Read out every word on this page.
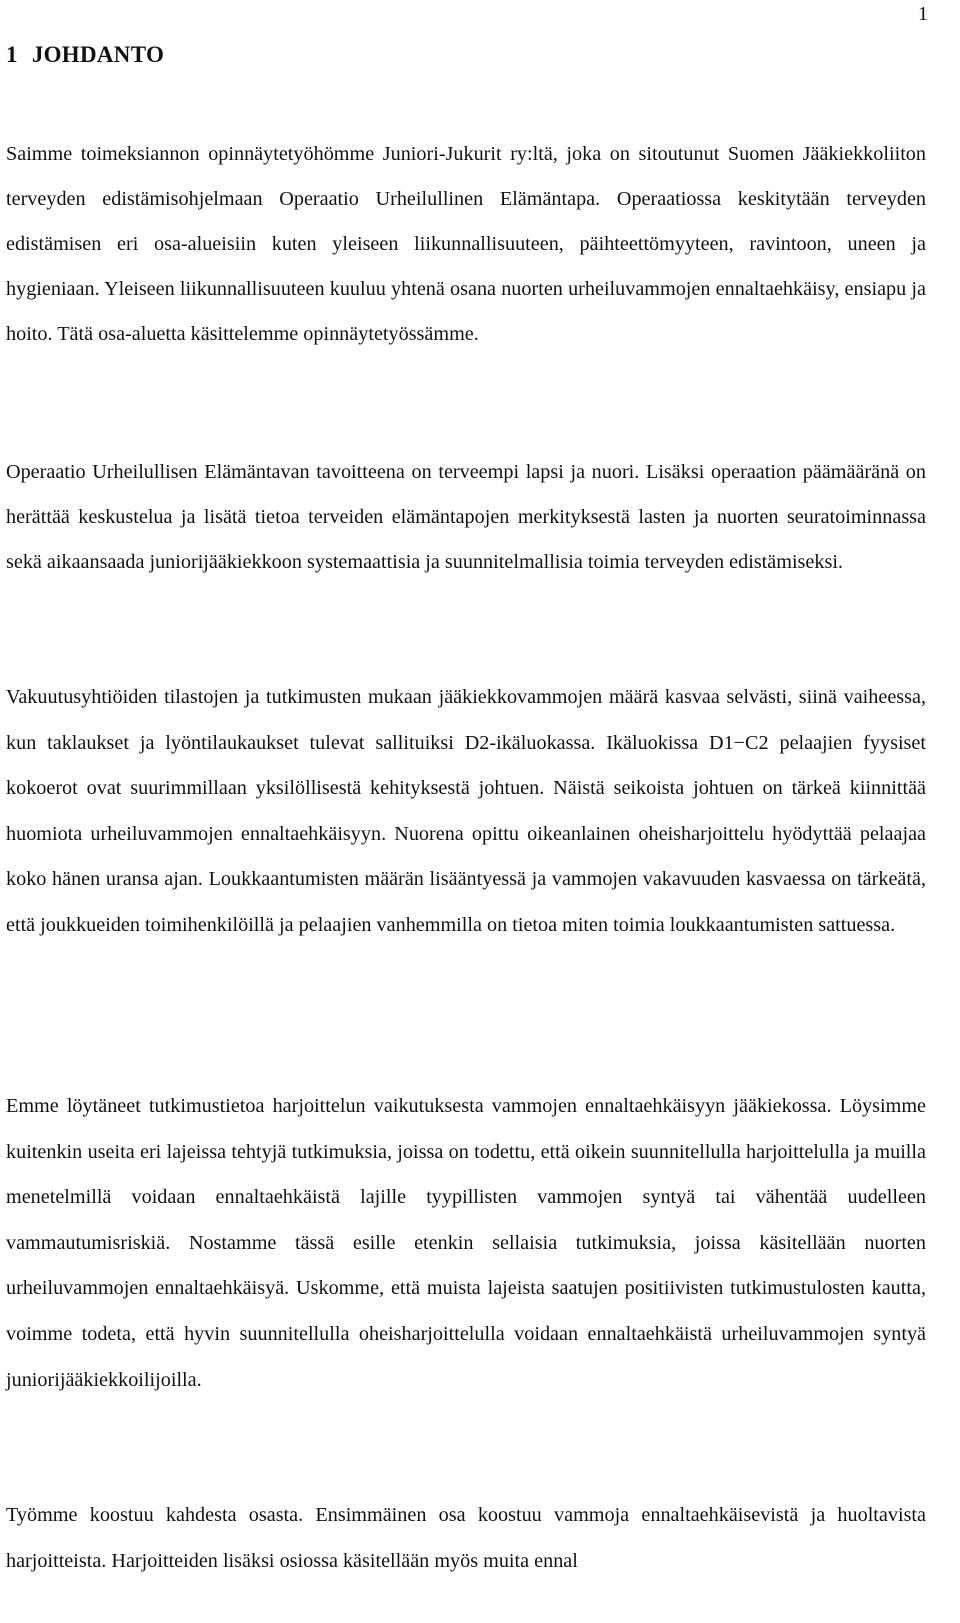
1
1 JOHDANTO

Saimme toimeksiannon opinnäytetyöhömme Juniori-Jukurit ry:ltä, joka on sitoutunut Suomen Jääkiekkoliiton terveyden edistämisohjelmaan Operaatio Urheilullinen Elämäntapa. Operaatiossa keskitytään terveyden edistämisen eri osa-alueisiin kuten yleiseen liikunnallisuuteen, päihteettömyyteen, ravintoon, uneen ja hygieniaan. Yleiseen liikunnallisuuteen kuuluu yhtenä osana nuorten urheiluvammojen ennaltaehkäisy, ensiapu ja hoito. Tätä osa-aluetta käsittelemme opinnäytetyössämme.

Operaatio Urheilullisen Elämäntavan tavoitteena on terveempi lapsi ja nuori. Lisäksi operaation päämääränä on herättää keskustelua ja lisätä tietoa terveiden elämäntapojen merkityksestä lasten ja nuorten seuratoiminnassa sekä aikaansaada juniorijääkiekkoon systemaattisia ja suunnitelmallisia toimia terveyden edistämiseksi.

Vakuutusyhtiöiden tilastojen ja tutkimusten mukaan jääkiekkovammojen määrä kasvaa selvästi, siinä vaiheessa, kun taklaukset ja lyöntilaukaukset tulevat sallituiksi D2-ikäluokassa. Ikäluokissa D1−C2 pelaajien fyysiset kokoerot ovat suurimmillaan yksilöllisestä kehityksestä johtuen. Näistä seikoista johtuen on tärkeä kiinnittää huomiota urheiluvammojen ennaltaehkäisyyn. Nuorena opittu oikeanlainen oheisharjoittelu hyödyttää pelaajaa koko hänen uransa ajan. Loukkaantumisten määrän lisääntyessä ja vammojen vakavuuden kasvaessa on tärkeätä, että joukkueiden toimihenkilöillä ja pelaajien vanhemmilla on tietoa miten toimia loukkaantumisten sattuessa.

Emme löytäneet tutkimustietoa harjoittelun vaikutuksesta vammojen ennaltaehkäisyyn jääkiekossa. Löysimme kuitenkin useita eri lajeissa tehtyjä tutkimuksia, joissa on todettu, että oikein suunnitellulla harjoittelulla ja muilla menetelmillä voidaan ennaltaehkäistä lajille tyypillisten vammojen syntyä tai vähentää uudelleen vammautumisriskiä. Nostamme tässä esille etenkin sellaisia tutkimuksia, joissa käsitellään nuorten urheiluvammojen ennaltaehkäisyä. Uskomme, että muista lajeista saatujen positiivisten tutkimustulosten kautta, voimme todeta, että hyvin suunnitellulla oheisharjoittelulla voidaan ennaltaehkäistä urheiluvammojen syntyä juniorijääkiekkoilijoilla.

Työmme koostuu kahdesta osasta. Ensimmäinen osa koostuu vammoja ennaltaehkäisevistä ja huoltavista harjoitteista. Harjoitteiden lisäksi osiossa käsitellään myös muita ennal
